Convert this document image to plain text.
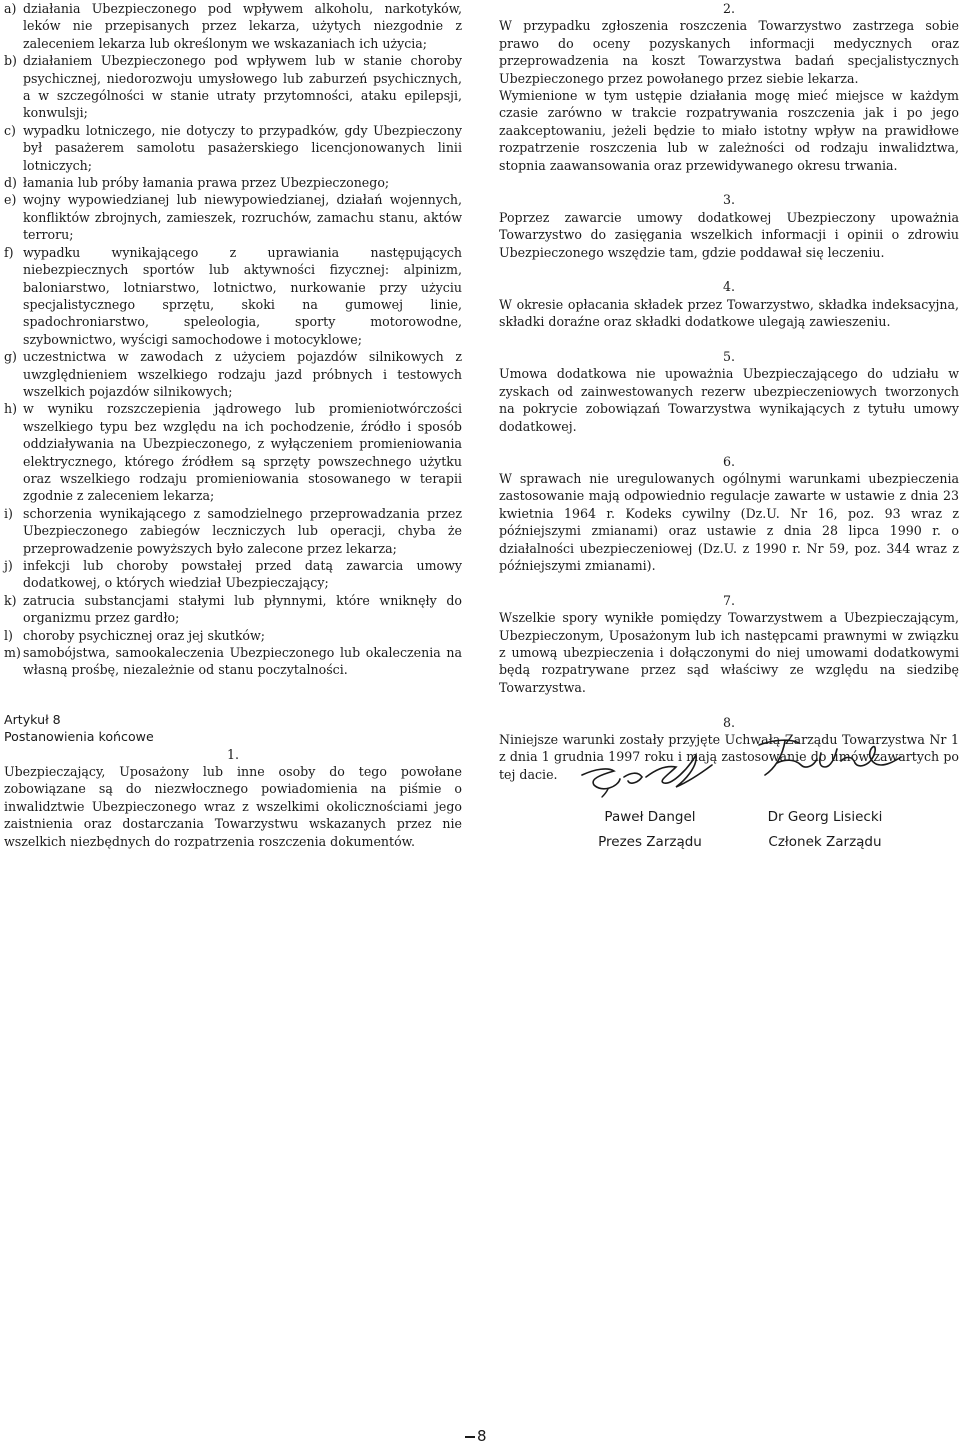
a) działania Ubezpieczonego pod wpływem alkoholu, narkotyków, leków nie przepisanych przez lekarza, użytych niezgodnie z zaleceniem lekarza lub określonym we wskazaniach ich użycia;
b) działaniem Ubezpieczonego pod wpływem lub w stanie choroby psychicznej, niedorozwoju umysłowego lub zaburzeń psychicznych, a w szczególności w stanie utraty przytomności, ataku epilepsji, konwulsji;
c) wypadku lotniczego, nie dotyczy to przypadków, gdy Ubezpieczony był pasażerem samolotu pasażerskiego licencjonowanych linii lotniczych;
d) łamania lub próby łamania prawa przez Ubezpieczonego;
e) wojny wypowiedzianej lub niewypowiedzianej, działań wojennych, konfliktów zbrojnych, zamieszek, rozruchów, zamachu stanu, aktów terroru;
f) wypadku wynikającego z uprawiania następujących niebezpiecznych sportów lub aktywności fizycznej: alpinizm, baloniarstwo, lotniarstwo, lotnictwo, nurkowanie przy użyciu specjalistycznego sprzętu, skoki na gumowej linie, spadochroniarstwo, speleologia, sporty motorowodne, szybownictwo, wyścigi samochodowe i motocyklowe;
g) uczestnictwa w zawodach z użyciem pojazdów silnikowych z uwzględnieniem wszelkiego rodzaju jazd próbnych i testowych wszelkich pojazdów silnikowych;
h) w wyniku rozszczepienia jądrowego lub promieniotwórczości wszelkiego typu bez względu na ich pochodzenie, źródło i sposób oddziaływania na Ubezpieczonego, z wyłączeniem promieniowania elektrycznego, którego źródłem są sprzęty powszechnego użytku oraz wszelkiego rodzaju promieniowania stosowanego w terapii zgodnie z zaleceniem lekarza;
i) schorzenia wynikającego z samodzielnego przeprowadzania przez Ubezpieczonego zabiegów leczniczych lub operacji, chyba że przeprowadzenie powyższych było zalecone przez lekarza;
j) infekcji lub choroby powstałej przed datą zawarcia umowy dodatkowej, o których wiedział Ubezpieczający;
k) zatrucia substancjami stałymi lub płynnymi, które wniknęły do organizmu przez gardło;
l) choroby psychicznej oraz jej skutków;
m) samobójstwa, samookaleczenia Ubezpieczonego lub okaleczenia na własną prośbę, niezależnie od stanu poczytalności.

Artykuł 8

Postanowienia końcowe

1.

Ubezpieczający, Uposażony lub inne osoby do tego powołane zobowiązane są do niezwłocznego powiadomienia na piśmie o inwalidztwie Ubezpieczonego wraz z wszelkimi okolicznościami jego zaistnienia oraz dostarczania Towarzystwu wskazanych przez nie wszelkich niezbędnych do rozpatrzenia roszczenia dokumentów.

2.

W przypadku zgłoszenia roszczenia Towarzystwo zastrzega sobie prawo do oceny pozyskanych informacji medycznych oraz przeprowadzenia na koszt Towarzystwa badań specjalistycznych Ubezpieczonego przez powołanego przez siebie lekarza.

Wymienione w tym ustępie działania mogę mieć miejsce w każdym czasie zarówno w trakcie rozpatrywania roszczenia jak i po jego zaakceptowaniu, jeżeli będzie to miało istotny wpływ na prawidłowe rozpatrzenie roszczenia lub w zależności od rodzaju inwalidztwa, stopnia zaawansowania oraz przewidywanego okresu trwania.

3.

Poprzez zawarcie umowy dodatkowej Ubezpieczony upoważnia Towarzystwo do zasięgania wszelkich informacji i opinii o zdrowiu Ubezpieczonego wszędzie tam, gdzie poddawał się leczeniu.

4.

W okresie opłacania składek przez Towarzystwo, składka indeksacyjna, składki doraźne oraz składki dodatkowe ulegają zawieszeniu.

5.

Umowa dodatkowa nie upoważnia Ubezpieczającego do udziału w zyskach od zainwestowanych rezerw ubezpieczeniowych tworzonych na pokrycie zobowiązań Towarzystwa wynikających z tytułu umowy dodatkowej.

6.

W sprawach nie uregulowanych ogólnymi warunkami ubezpieczenia zastosowanie mają odpowiednio regulacje zawarte w ustawie z dnia 23 kwietnia 1964 r. Kodeks cywilny (Dz.U. Nr 16, poz. 93 wraz z późniejszymi zmianami) oraz ustawie z dnia 28 lipca 1990 r. o działalności ubezpieczeniowej (Dz.U. z 1990 r. Nr 59, poz. 344 wraz z późniejszymi zmianami).

7.

Wszelkie spory wynikłe pomiędzy Towarzystwem a Ubezpieczającym, Ubezpieczonym, Uposażonym lub ich następcami prawnymi w związku z umową ubezpieczenia i dołączonymi do niej umowami dodatkowymi będą rozpatrywane przez sąd właściwy ze względu na siedzibę Towarzystwa.

8.

Niniejsze warunki zostały przyjęte Uchwałą Zarządu Towarzystwa Nr 1 z dnia 1 grudnia 1997 roku i mają zastosowanie do umów zawartych po tej dacie.

Paweł Dangel
Prezes Zarządu
Dr Georg Lisiecki
Członek Zarządu
8
